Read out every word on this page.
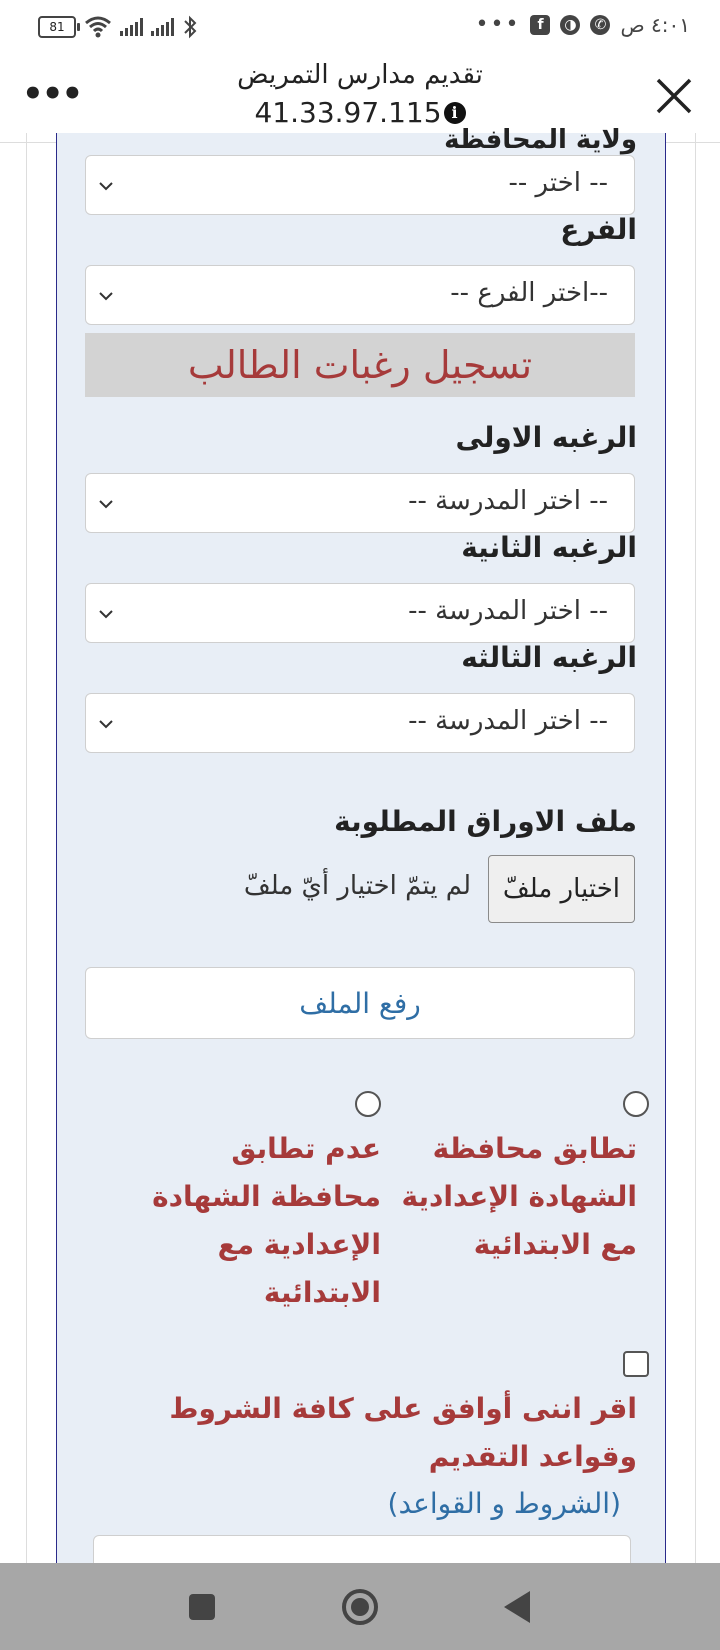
81	•••	f	◑ ✆ ٤:٠١ ص
•••	تقديم مدارس التمريض
41.33.97.115 i
ولاية المحافظة
-- اختر --
الفرع
--اختر الفرع --
تسجيل رغبات الطالب
الرغبه الاولى
-- اختر المدرسة --
الرغبه الثانية
-- اختر المدرسة --
الرغبه الثالثه
-- اختر المدرسة --
ملف الاوراق المطلوبة
اختيار ملفّ
لم يتمّ اختيار أيّ ملفّ
رفع الملف
تطابق محافظة الشهادة الإعدادية مع الابتدائية
عدم تطابق محافظة الشهادة الإعدادية مع الابتدائية
اقر اننى أوافق على كافة الشروط وقواعد التقديم
(الشروط و القواعد)
